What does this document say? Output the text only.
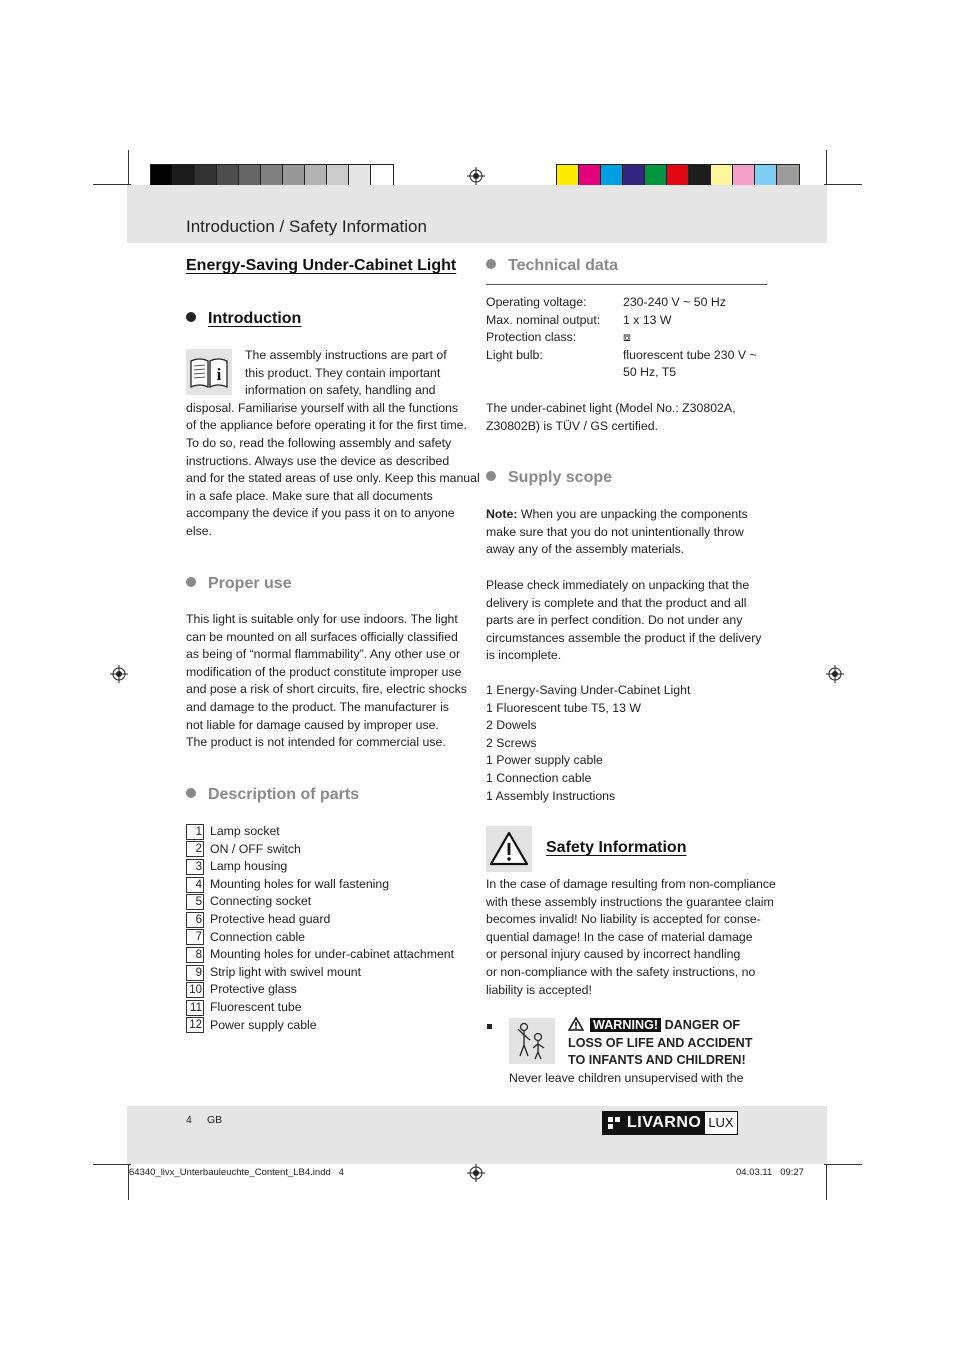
Introduction / Safety Information
Energy-Saving Under-Cabinet Light
Introduction
i
The assembly instructions are part of
this product. They contain important
information on safety, handling and
disposal. Familiarise yourself with all the functions
of the appliance before operating it for the first time.
To do so, read the following assembly and safety
instructions. Always use the device as described
and for the stated areas of use only. Keep this manual
in a safe place. Make sure that all documents
accompany the device if you pass it on to anyone
else.
Proper use
This light is suitable only for use indoors. The light
can be mounted on all surfaces officially classified
as being of “normal flammability”. Any other use or
modification of the product constitute improper use
and pose a risk of short circuits, fire, electric shocks
and damage to the product. The manufacturer is
not liable for damage caused by improper use.
The product is not intended for commercial use.
Description of parts
1 Lamp socket
2 ON / OFF switch
3 Lamp housing
4 Mounting holes for wall fastening
5 Connecting socket
6 Protective head guard
7 Connection cable
8 Mounting holes for under-cabinet attachment
9 Strip light with swivel mount
10 Protective glass
11 Fluorescent tube
12 Power supply cable
Technical data
Operating voltage:	230-240 V ~ 50 Hz
Max. nominal output: 1 x 13 W
Protection class:	⧈
Light bulb:	fluorescent tube 230 V ~
50 Hz, T5
The under-cabinet light (Model No.: Z30802A,
Z30802B) is TÜV / GS certified.
Supply scope
Note: When you are unpacking the components
make sure that you do not unintentionally throw
away any of the assembly materials.
Please check immediately on unpacking that the
delivery is complete and that the product and all
parts are in perfect condition. Do not under any
circumstances assemble the product if the delivery
is incomplete.
1 Energy-Saving Under-Cabinet Light
1 Fluorescent tube T5, 13 W
2 Dowels
2 Screws
1 Power supply cable
1 Connection cable
1 Assembly Instructions
Safety Information
In the case of damage resulting from non-compliance
with these assembly instructions the guarantee claim
becomes invalid! No liability is accepted for conse-
quential damage! In the case of material damage
or personal injury caused by incorrect handling
or non-compliance with the safety instructions, no
liability is accepted!
WARNING! DANGER OF
LOSS OF LIFE AND ACCIDENT
TO INFANTS AND CHILDREN!
Never leave children unsupervised with the
4 GB	LIVARNO LUX
64340_livx_Unterbauleuchte_Content_LB4.indd   4	04.03.11   09:27
